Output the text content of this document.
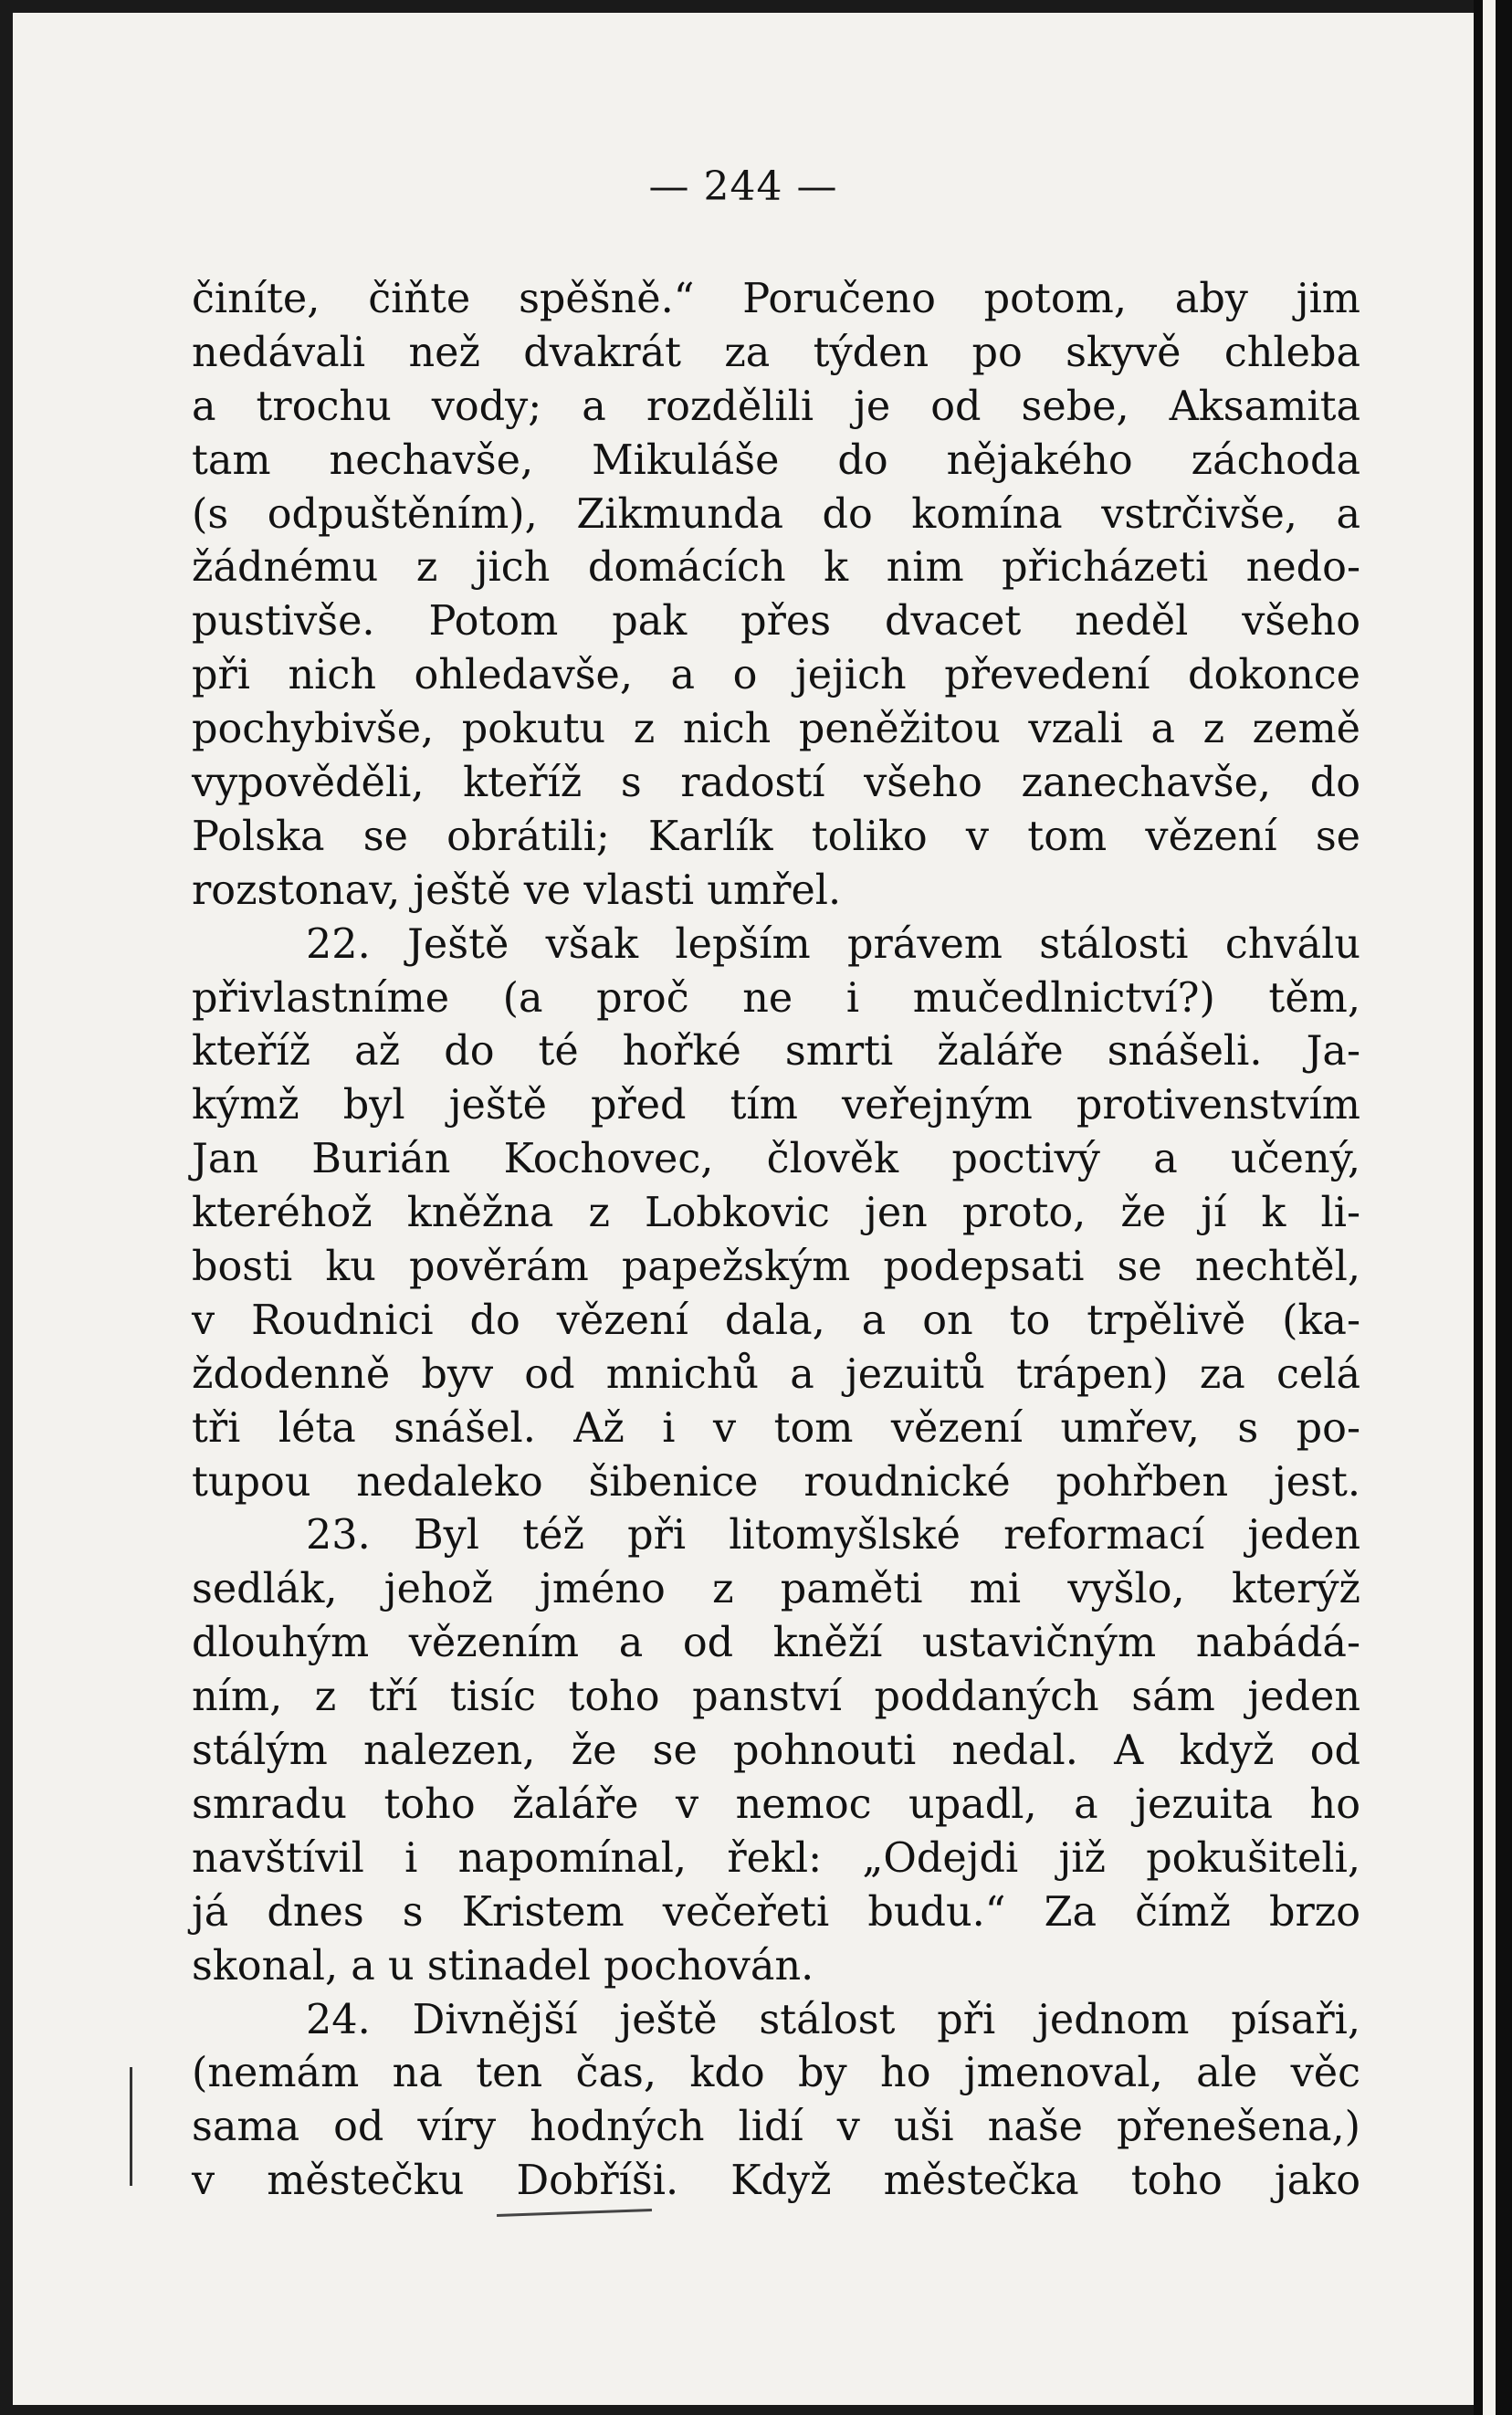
— 244 —
činíte, čiňte spěšně.“ Poručeno potom, aby jim
nedávali než dvakrát za týden po skyvě chleba
a trochu vody; a rozdělili je od sebe, Aksamita
tam nechavše, Mikuláše do nějakého záchoda
(s odpuštěním), Zikmunda do komína vstrčivše, a
žádnému z jich domácích k nim přicházeti nedo-
pustivše. Potom pak přes dvacet neděl všeho
při nich ohledavše, a o jejich převedení dokonce
pochybivše, pokutu z nich peněžitou vzali a z země
vypověděli, kteříž s radostí všeho zanechavše, do
Polska se obrátili; Karlík toliko v tom vězení se
rozstonav, ještě ve vlasti umřel.
22. Ještě však lepším právem stálosti chválu
přivlastníme (a proč ne i mučedlnictví?) těm,
kteříž až do té hořké smrti žaláře snášeli. Ja-
kýmž byl ještě před tím veřejným protivenstvím
Jan Burián Kochovec, člověk poctivý a učený,
kteréhož kněžna z Lobkovic jen proto, že jí k li-
bosti ku pověrám papežským podepsati se nechtěl,
v Roudnici do vězení dala, a on to trpělivě (ka-
ždodenně byv od mnichů a jezuitů trápen) za celá
tři léta snášel. Až i v tom vězení umřev, s po-
tupou nedaleko šibenice roudnické pohřben jest.
23. Byl též při litomyšlské reformací jeden
sedlák, jehož jméno z paměti mi vyšlo, kterýž
dlouhým vězením a od kněží ustavičným nabádá-
ním, z tří tisíc toho panství poddaných sám jeden
stálým nalezen, že se pohnouti nedal. A když od
smradu toho žaláře v nemoc upadl, a jezuita ho
navštívil i napomínal, řekl: „Odejdi již pokušiteli,
já dnes s Kristem večeřeti budu.“ Za čímž brzo
skonal, a u stinadel pochován.
24. Divnější ještě stálost při jednom písaři,
(nemám na ten čas, kdo by ho jmenoval, ale věc
sama od víry hodných lidí v uši naše přenešena,)
v městečku Dobříši. Když městečka toho jako
